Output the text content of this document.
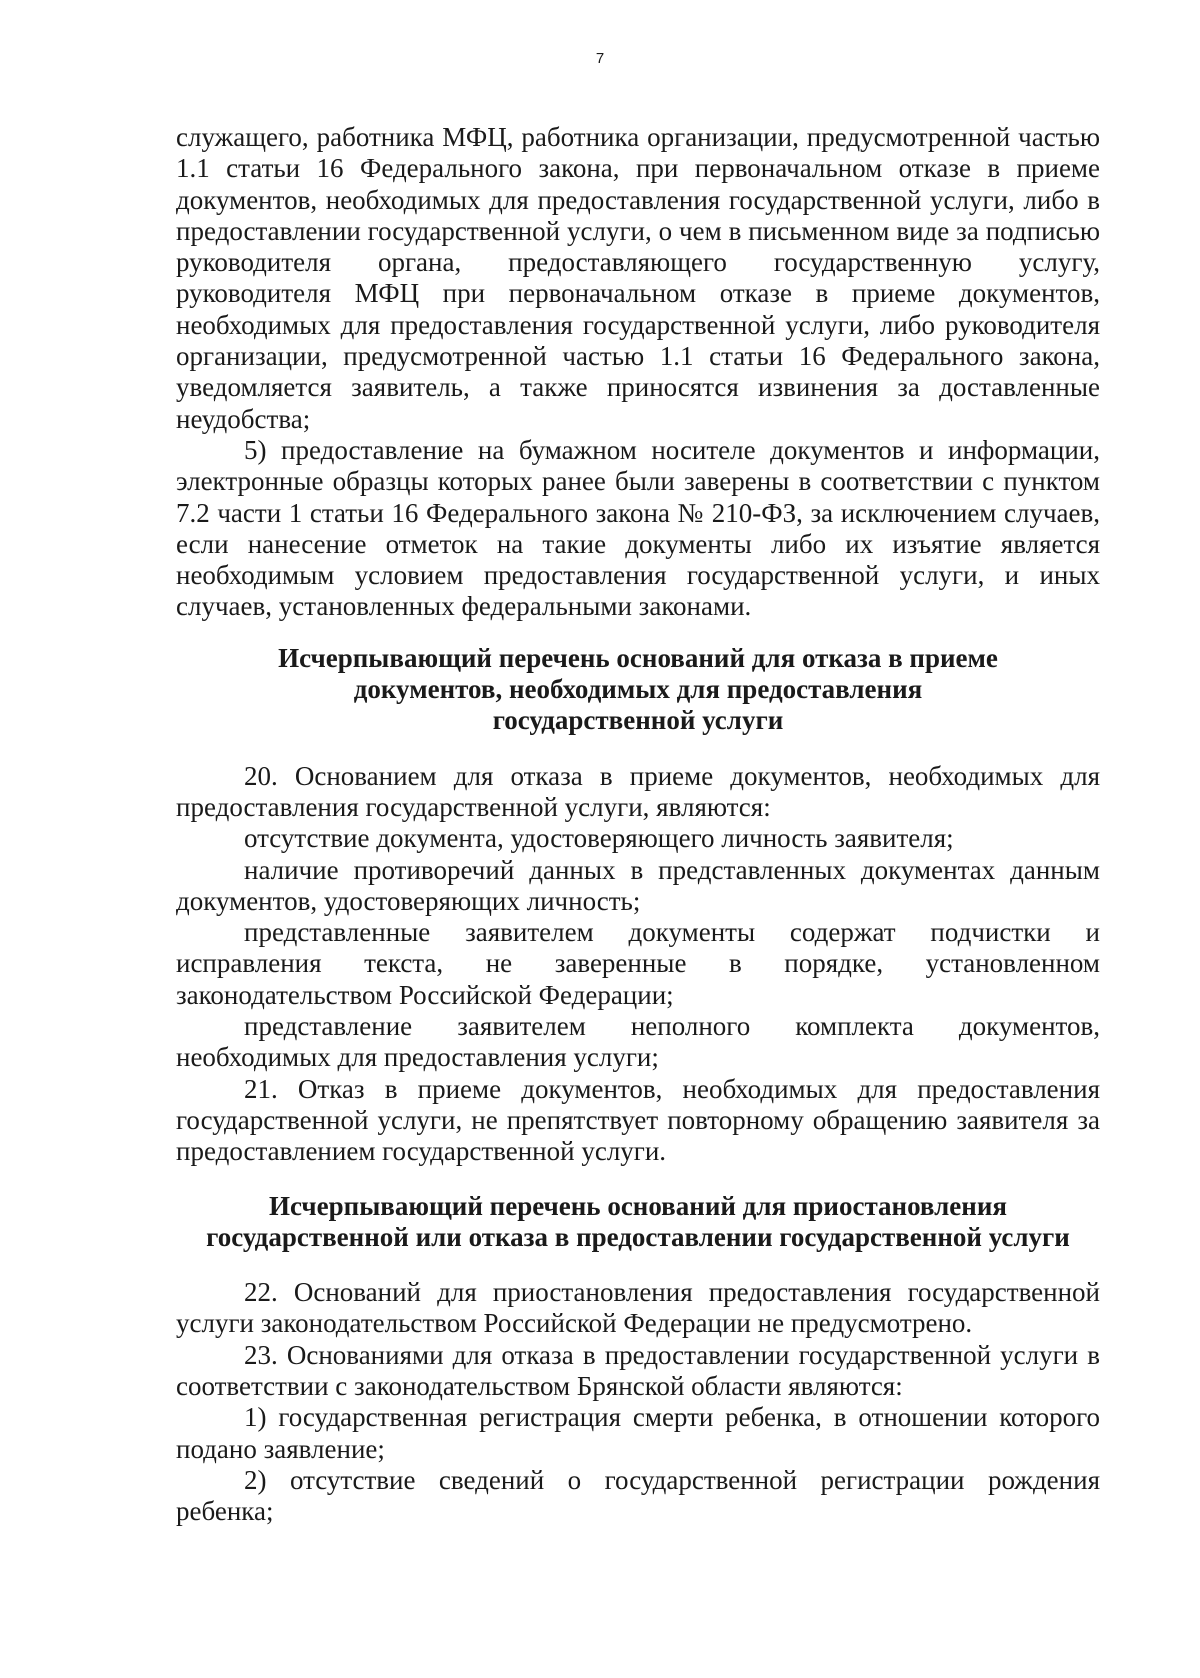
7

служащего, работника МФЦ, работника организации, предусмотренной частью 1.1 статьи 16 Федерального закона, при первоначальном отказе в приеме документов, необходимых для предоставления государственной услуги, либо в предоставлении государственной услуги, о чем в письменном виде за подписью руководителя органа, предоставляющего государственную услугу, руководителя МФЦ при первоначальном отказе в приеме документов, необходимых для предоставления государственной услуги, либо руководителя организации, предусмотренной частью 1.1 статьи 16 Федерального закона, уведомляется заявитель, а также приносятся извинения за доставленные неудобства;

5) предоставление на бумажном носителе документов и информации, электронные образцы которых ранее были заверены в соответствии с пунктом 7.2 части 1 статьи 16 Федерального закона № 210-ФЗ, за исключением случаев, если нанесение отметок на такие документы либо их изъятие является необходимым условием предоставления государственной услуги, и иных случаев, установленных федеральными законами.

Исчерпывающий перечень оснований для отказа в приеме
документов, необходимых для предоставления
государственной услуги

20. Основанием для отказа в приеме документов, необходимых для предоставления государственной услуги, являются:

отсутствие документа, удостоверяющего личность заявителя;

наличие противоречий данных в представленных документах данным документов, удостоверяющих личность;

представленные заявителем документы содержат подчистки и исправления текста, не заверенные в порядке, установленном законодательством Российской Федерации;

представление заявителем неполного комплекта документов, необходимых для предоставления услуги;

21. Отказ в приеме документов, необходимых для предоставления государственной услуги, не препятствует повторному обращению заявителя за предоставлением государственной услуги.

Исчерпывающий перечень оснований для приостановления
государственной или отказа в предоставлении государственной услуги

22. Оснований для приостановления предоставления государственной услуги законодательством Российской Федерации не предусмотрено.

23. Основаниями для отказа в предоставлении государственной услуги в соответствии с законодательством Брянской области являются:

1) государственная регистрация смерти ребенка, в отношении которого подано заявление;

2) отсутствие сведений о государственной регистрации рождения ребенка;
